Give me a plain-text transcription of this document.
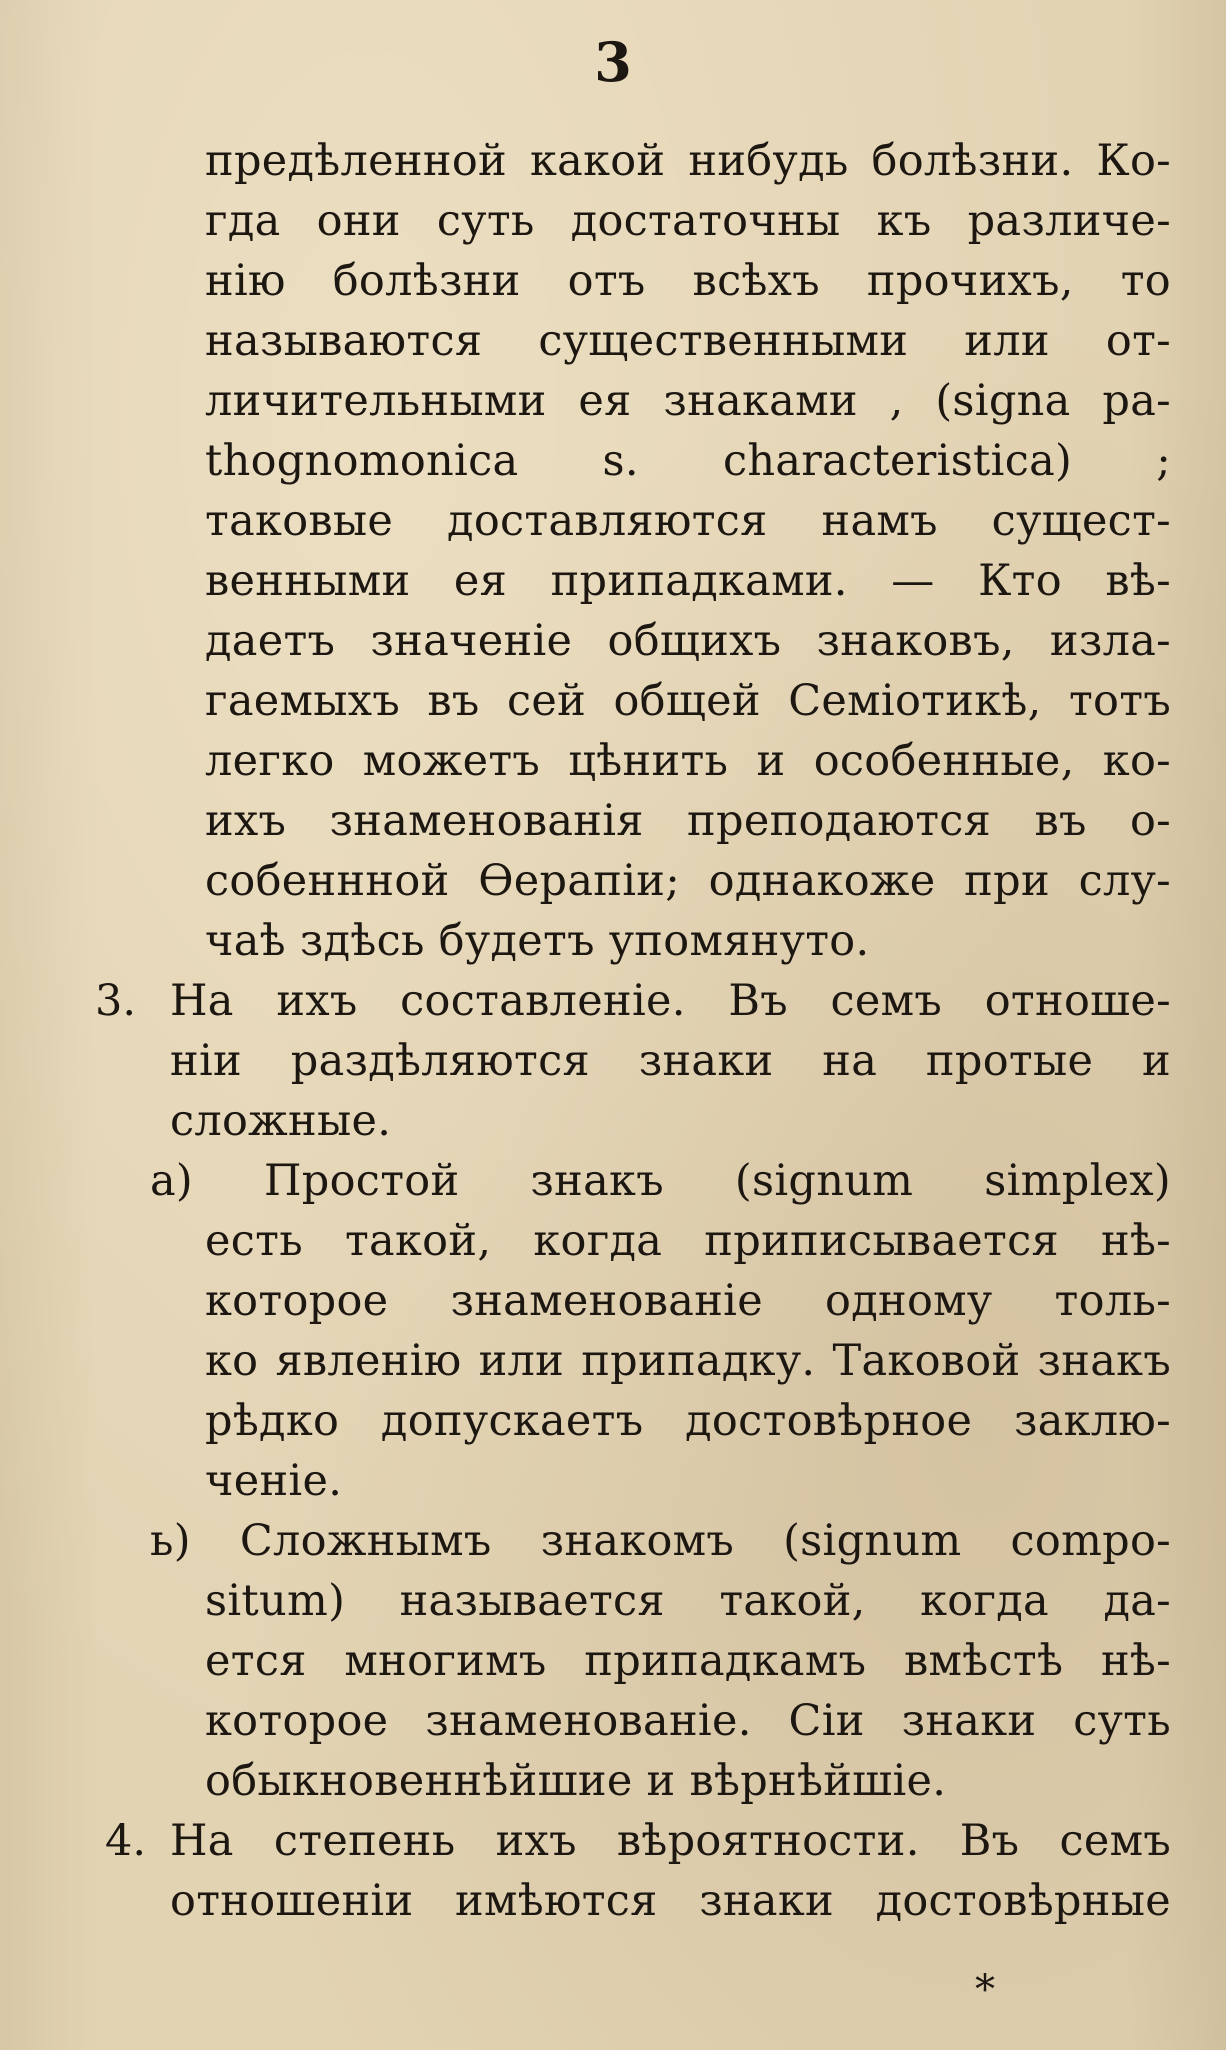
3
предѣленной какой нибудь болѣзни. Ко-
гда они суть достаточны къ различе-
нію болѣзни отъ всѣхъ прочихъ, то
называются существенными или от-
личительными ея знаками , (signa pa-
thognomonica s. characteristica) ;
таковые доставляются намъ сущест-
венными ея припадками. — Кто вѣ-
даетъ значеніе общихъ знаковъ, изла-
гаемыхъ въ сей общей Семіотикѣ, тотъ
легко можетъ цѣнить и особенные, ко-
ихъ знаменованія преподаются въ о-
собеннной Ѳерапіи; однакоже при слу-
чаѣ здѣсь будетъ упомянуто.
3. На ихъ составленіе. Въ семъ отноше-
ніи раздѣляются знаки на протые и
сложные.
а) Простой знакъ (signum simplex)
есть такой, когда приписывается нѣ-
которое знаменованіе одному толь-
ко явленію или припадку. Таковой знакъ
рѣдко допускаетъ достовѣрное заклю-
ченіе.
ь) Сложнымъ знакомъ (signum compo-
situm) называется такой, когда да-
ется многимъ припадкамъ вмѣстѣ нѣ-
которое знаменованіе. Сіи знаки суть
обыкновеннѣйшие и вѣрнѣйшіе.
4. На степень ихъ вѣроятности. Въ семъ
отношеніи имѣются знаки достовѣрные
*
